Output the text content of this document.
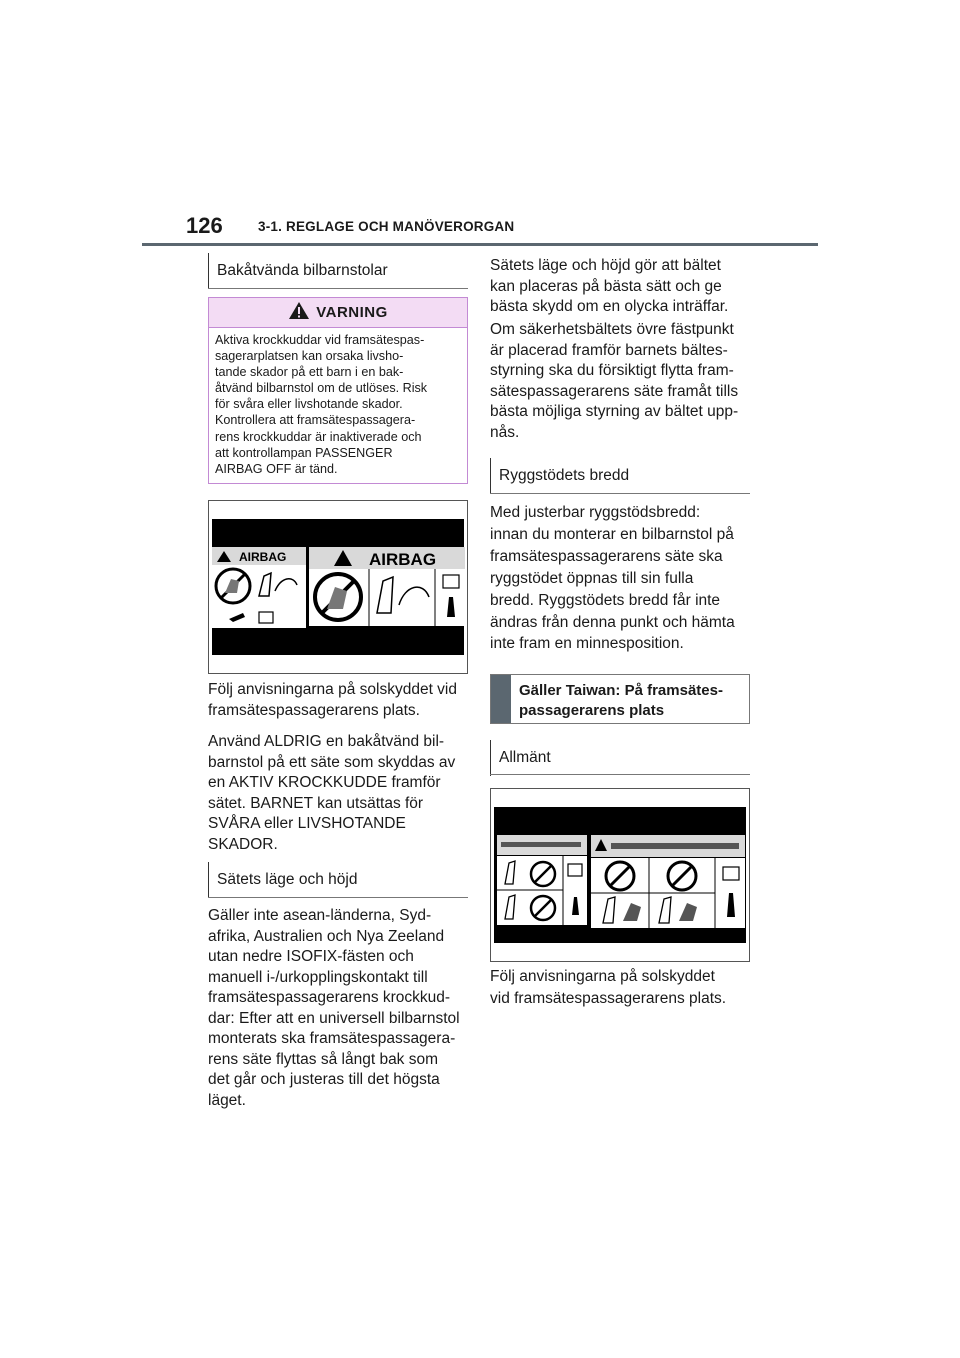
126	3-1. REGLAGE OCH MANÖVERORGAN
Bakåtvända bilbarnstolar
VARNING
Aktiva krockkuddar vid framsätespas-
sagerarplatsen kan orsaka livsho-
tande skador på ett barn i en bak-
åtvänd bilbarnstol om de utlöses. Risk
för svåra eller livshotande skador.
Kontrollera att framsätespassagera-
rens krockkuddar är inaktiverade och
att kontrollampan PASSENGER
AIRBAG OFF är tänd.
AIRBAG	AIRBAG
Följ anvisningarna på solskyddet vid
framsätespassagerarens plats.
Använd ALDRIG en bakåtvänd bil-
barnstol på ett säte som skyddas av
en AKTIV KROCKKUDDE framför
sätet. BARNET kan utsättas för
SVÅRA eller LIVSHOTANDE
SKADOR.
Sätets läge och höjd
Gäller inte asean-länderna, Syd-
afrika, Australien och Nya Zeeland
utan nedre ISOFIX-fästen och
manuell i-/urkopplingskontakt till
framsätespassagerarens krockkud-
dar: Efter att en universell bilbarnstol
monterats ska framsätespassagera-
rens säte flyttas så långt bak som
det går och justeras till det högsta
läget.
Sätets läge och höjd gör att bältet
kan placeras på bästa sätt och ge
bästa skydd om en olycka inträffar.
Om säkerhetsbältets övre fästpunkt
är placerad framför barnets bältes-
styrning ska du försiktigt flytta fram-
sätespassagerarens säte framåt tills
bästa möjliga styrning av bältet upp-
nås.
Ryggstödets bredd
Med justerbar ryggstödsbredd:
innan du monterar en bilbarnstol på
framsätespassagerarens säte ska
ryggstödet öppnas till sin fulla
bredd. Ryggstödets bredd får inte
ändras från denna punkt och hämta
inte fram en minnesposition.
Gäller Taiwan: På framsätes-
passagerarens plats
Allmänt
Följ anvisningarna på solskyddet
vid framsätespassagerarens plats.
